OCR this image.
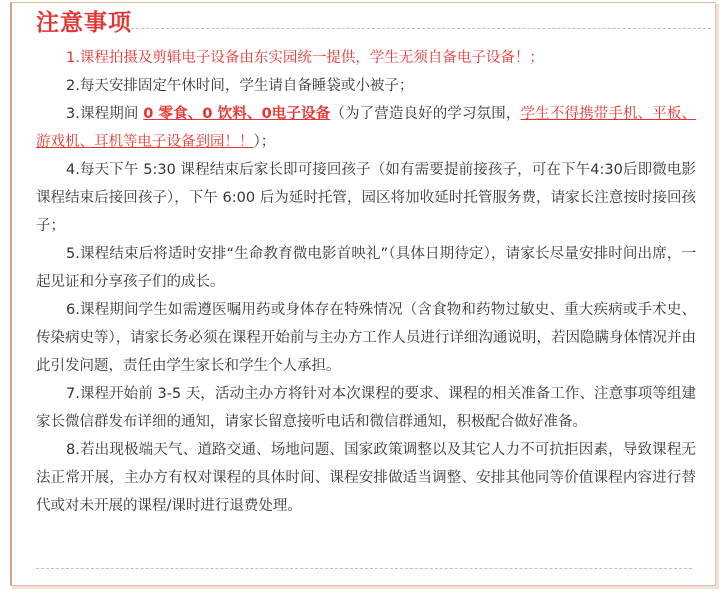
注意事项

1.课程拍摄及剪辑电子设备由东实园统一提供，学生无须自备电子设备！；

2.每天安排固定午休时间，学生请自备睡袋或小被子；

3.课程期间 0 零食、0 饮料、0电子设备（为了营造良好的学习氛围，学生不得携带手机、平板、游戏机、耳机等电子设备到园！！）；

4.每天下午 5:30 课程结束后家长即可接回孩子（如有需要提前接孩子，可在下午4:30后即微电影课程结束后接回孩子），下午 6:00 后为延时托管，园区将加收延时托管服务费，请家长注意按时接回孩子；

5.课程结束后将适时安排“生命教育微电影首映礼”（具体日期待定），请家长尽量安排时间出席，一起见证和分享孩子们的成长。

6.课程期间学生如需遵医嘱用药或身体存在特殊情况（含食物和药物过敏史、重大疾病或手术史、传染病史等），请家长务必须在课程开始前与主办方工作人员进行详细沟通说明，若因隐瞒身体情况并由此引发问题，责任由学生家长和学生个人承担。

7.课程开始前 3-5 天，活动主办方将针对本次课程的要求、课程的相关准备工作、注意事项等组建家长微信群发布详细的通知，请家长留意接听电话和微信群通知，积极配合做好准备。

8.若出现极端天气、道路交通、场地问题、国家政策调整以及其它人力不可抗拒因素，导致课程无法正常开展，主办方有权对课程的具体时间、课程安排做适当调整、安排其他同等价值课程内容进行替代或对未开展的课程/课时进行退费处理。
